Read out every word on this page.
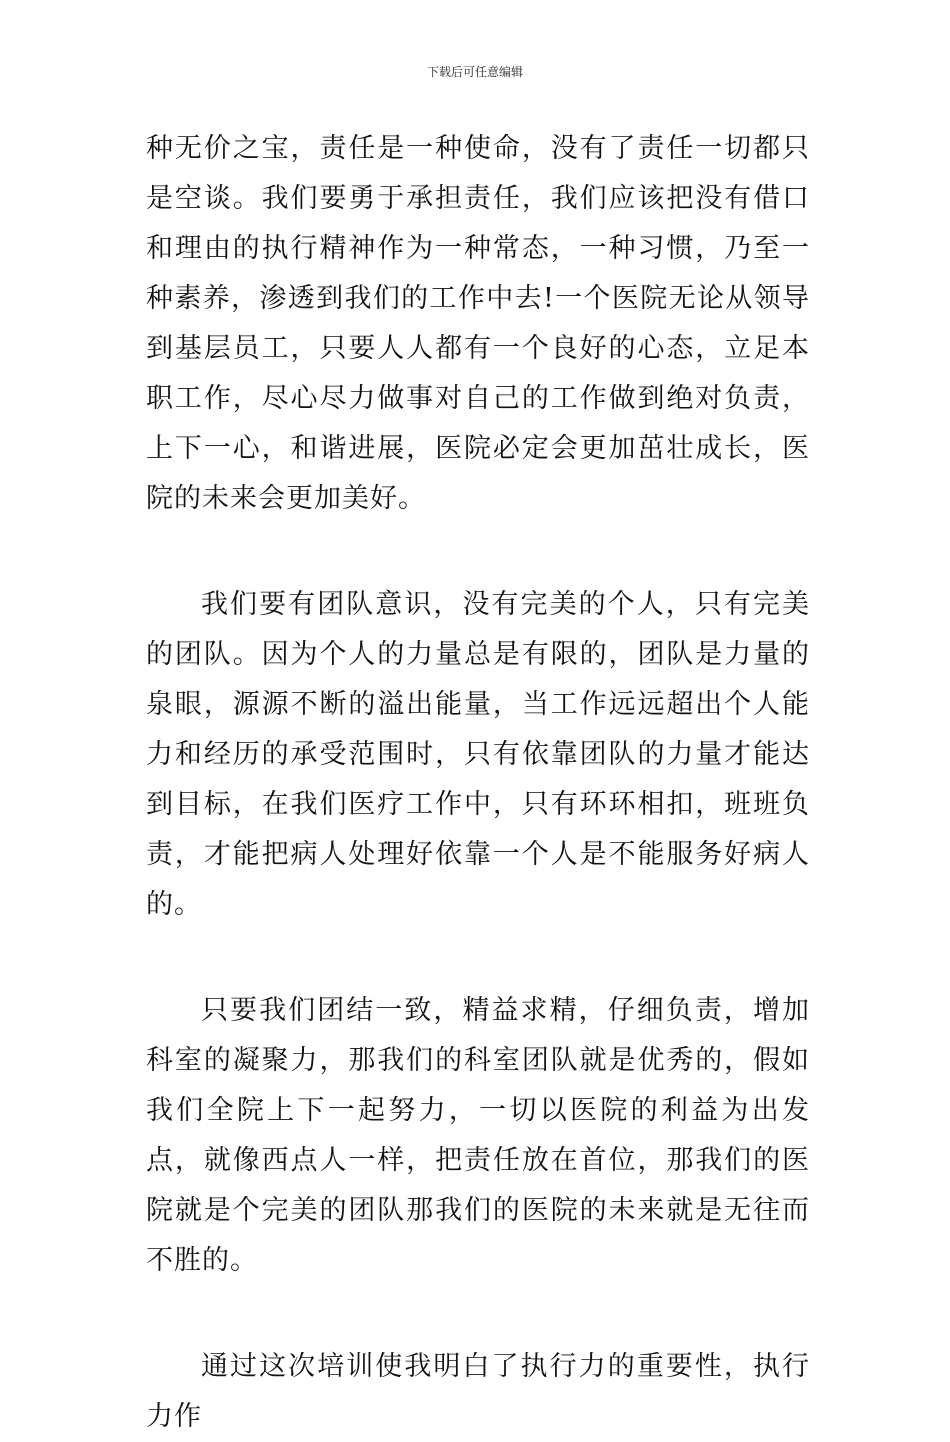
下载后可任意编辑

种无价之宝，责任是一种使命，没有了责任一切都只是空谈。我们要勇于承担责任，我们应该把没有借口和理由的执行精神作为一种常态，一种习惯，乃至一种素养，渗透到我们的工作中去!一个医院无论从领导到基层员工，只要人人都有一个良好的心态，立足本职工作，尽心尽力做事对自己的工作做到绝对负责，上下一心，和谐进展，医院必定会更加茁壮成长，医院的未来会更加美好。

我们要有团队意识，没有完美的个人，只有完美的团队。因为个人的力量总是有限的，团队是力量的泉眼，源源不断的溢出能量，当工作远远超出个人能力和经历的承受范围时，只有依靠团队的力量才能达到目标，在我们医疗工作中，只有环环相扣，班班负责，才能把病人处理好依靠一个人是不能服务好病人的。

只要我们团结一致，精益求精，仔细负责，增加科室的凝聚力，那我们的科室团队就是优秀的，假如我们全院上下一起努力，一切以医院的利益为出发点，就像西点人一样，把责任放在首位，那我们的医院就是个完美的团队那我们的医院的未来就是无往而不胜的。

通过这次培训使我明白了执行力的重要性，执行力作
